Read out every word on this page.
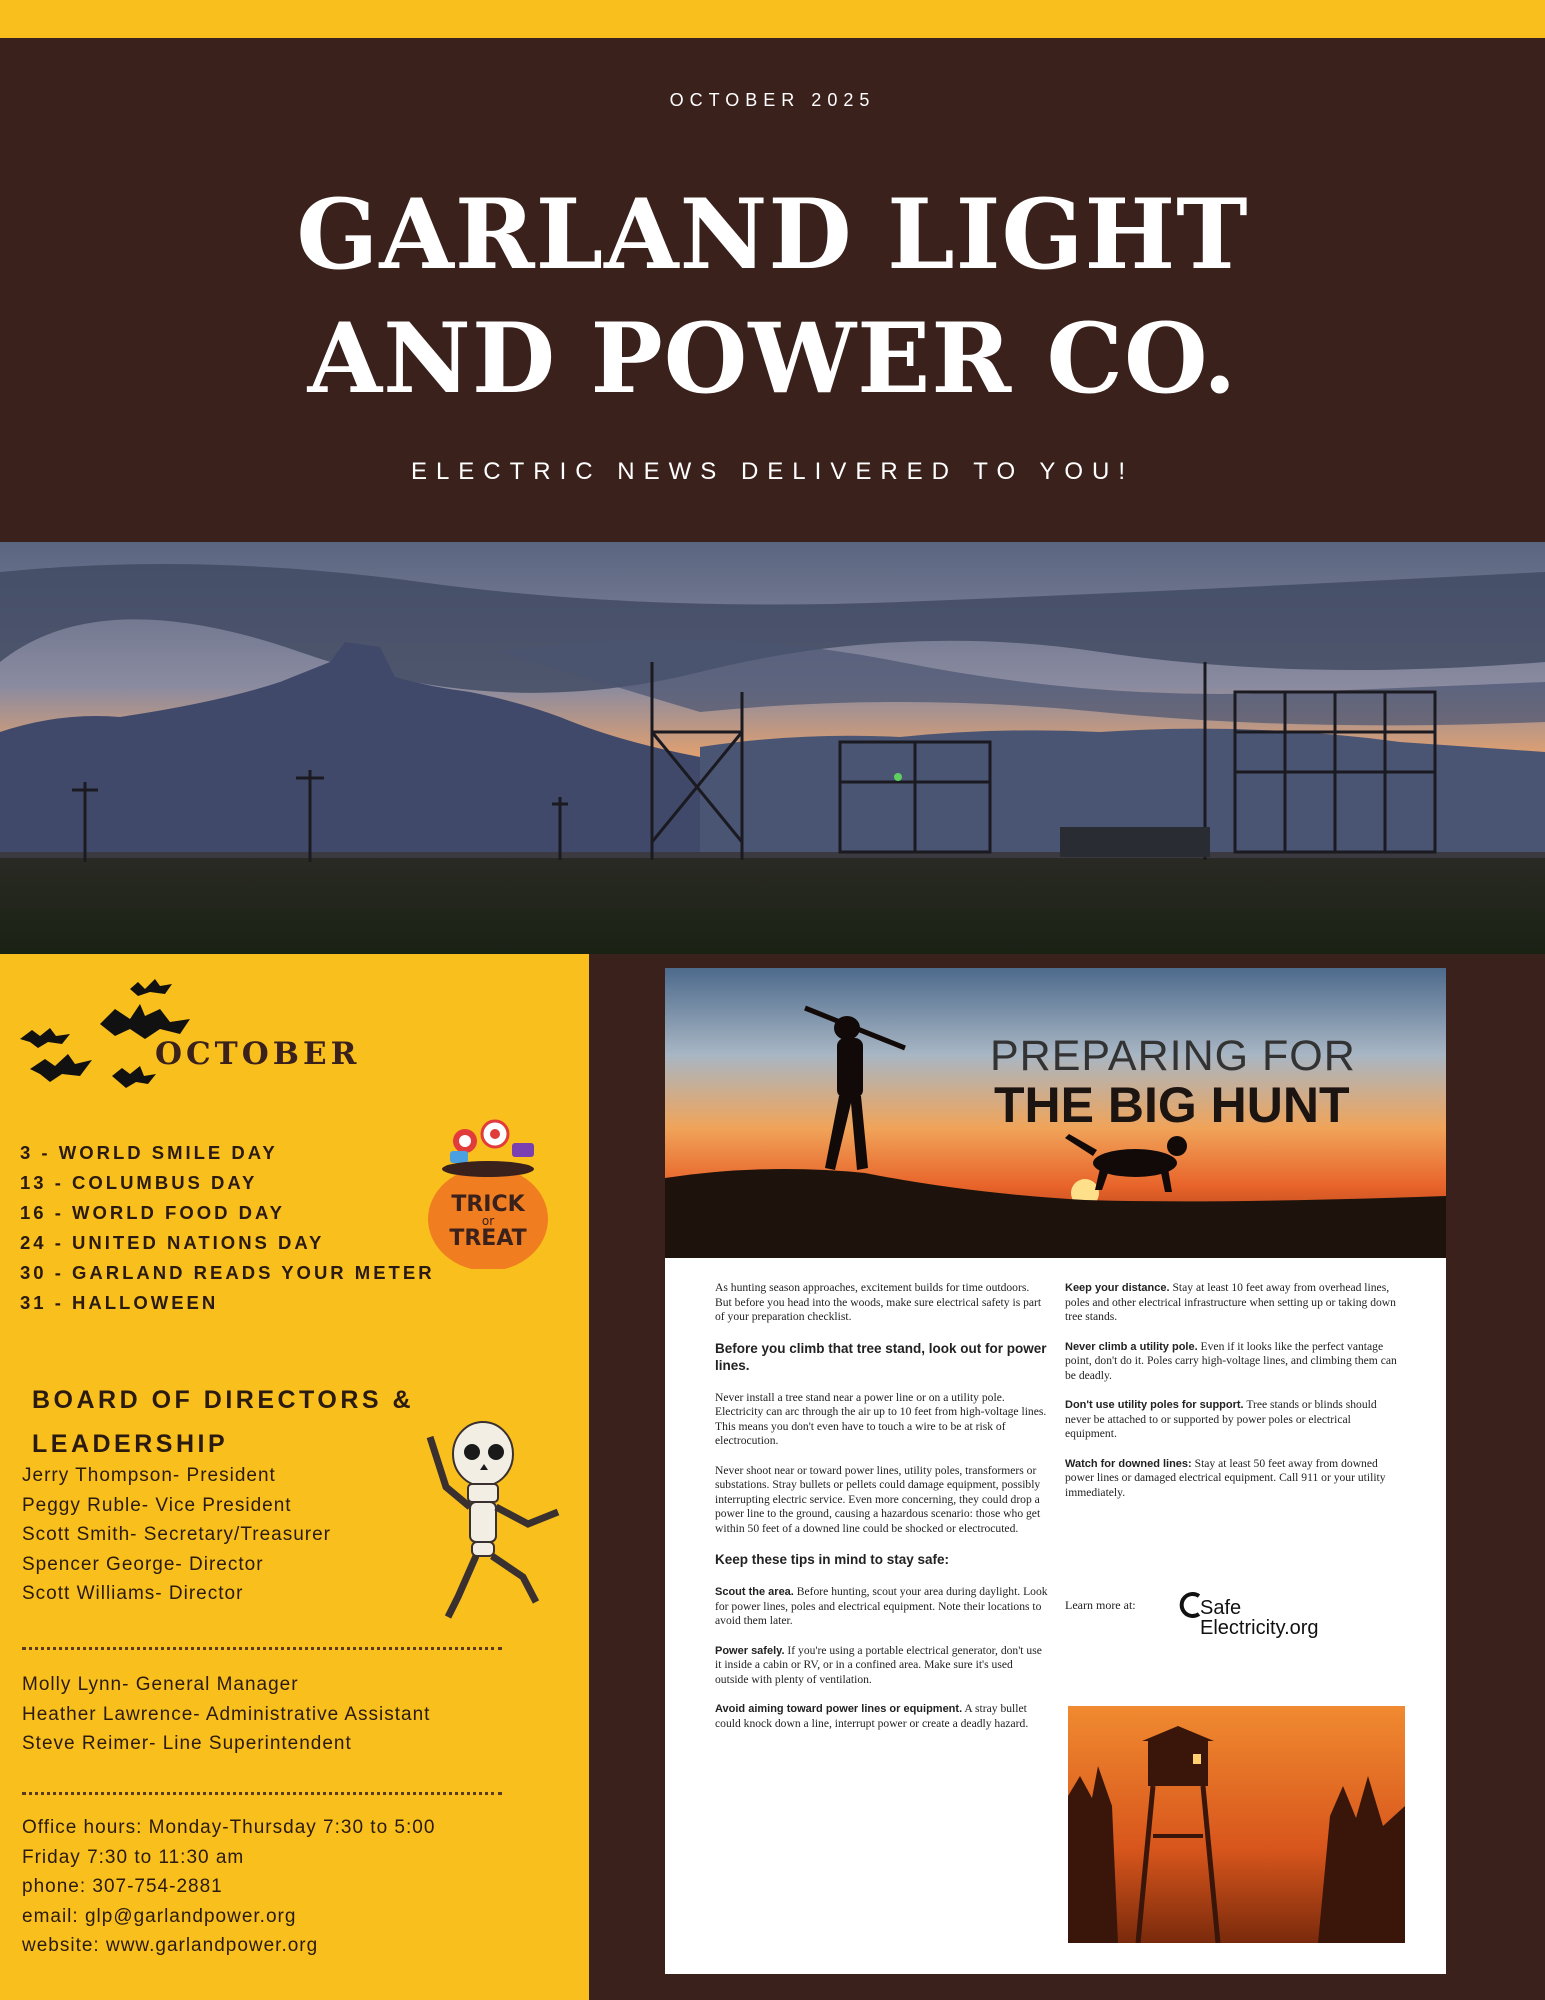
OCTOBER 2025
GARLAND LIGHT
AND POWER CO.
ELECTRIC NEWS DELIVERED TO YOU!
OCTOBER
3 - WORLD SMILE DAY
13 - COLUMBUS DAY
16 - WORLD FOOD DAY
24 - UNITED NATIONS DAY
30 - GARLAND READS YOUR METER
31 - HALLOWEEN
TRICK
or
TREAT
BOARD OF DIRECTORS &
LEADERSHIP
Jerry Thompson- President
Peggy Ruble- Vice President
Scott Smith- Secretary/Treasurer
Spencer George- Director
Scott Williams- Director
Molly Lynn- General Manager
Heather Lawrence- Administrative Assistant
Steve Reimer- Line Superintendent
Office hours: Monday-Thursday 7:30 to 5:00
Friday 7:30 to 11:30 am
phone: 307-754-2881
email: glp@garlandpower.org
website: www.garlandpower.org
PREPARING FOR
THE BIG HUNT

As hunting season approaches, excitement builds for time outdoors. But before you head into the woods, make sure electrical safety is part of your preparation checklist.

Before you climb that tree stand, look out for power lines.

Never install a tree stand near a power line or on a utility pole. Electricity can arc through the air up to 10 feet from high-voltage lines. This means you don't even have to touch a wire to be at risk of electrocution.

Never shoot near or toward power lines, utility poles, transformers or substations. Stray bullets or pellets could damage equipment, possibly interrupting electric service. Even more concerning, they could drop a power line to the ground, causing a hazardous scenario: those who get within 50 feet of a downed line could be shocked or electrocuted.

Keep these tips in mind to stay safe:

Scout the area. Before hunting, scout your area during daylight. Look for power lines, poles and electrical equipment. Note their locations to avoid them later.

Power safely. If you're using a portable electrical generator, don't use it inside a cabin or RV, or in a confined area. Make sure it's used outside with plenty of ventilation.

Avoid aiming toward power lines or equipment. A stray bullet could knock down a line, interrupt power or create a deadly hazard.

Keep your distance. Stay at least 10 feet away from overhead lines, poles and other electrical infrastructure when setting up or taking down tree stands.

Never climb a utility pole. Even if it looks like the perfect vantage point, don't do it. Poles carry high-voltage lines, and climbing them can be deadly.

Don't use utility poles for support. Tree stands or blinds should never be attached to or supported by power poles or electrical equipment.

Watch for downed lines: Stay at least 50 feet away from downed power lines or damaged electrical equipment. Call 911 or your utility immediately.

Learn more at:	Safe
Electricity.org
